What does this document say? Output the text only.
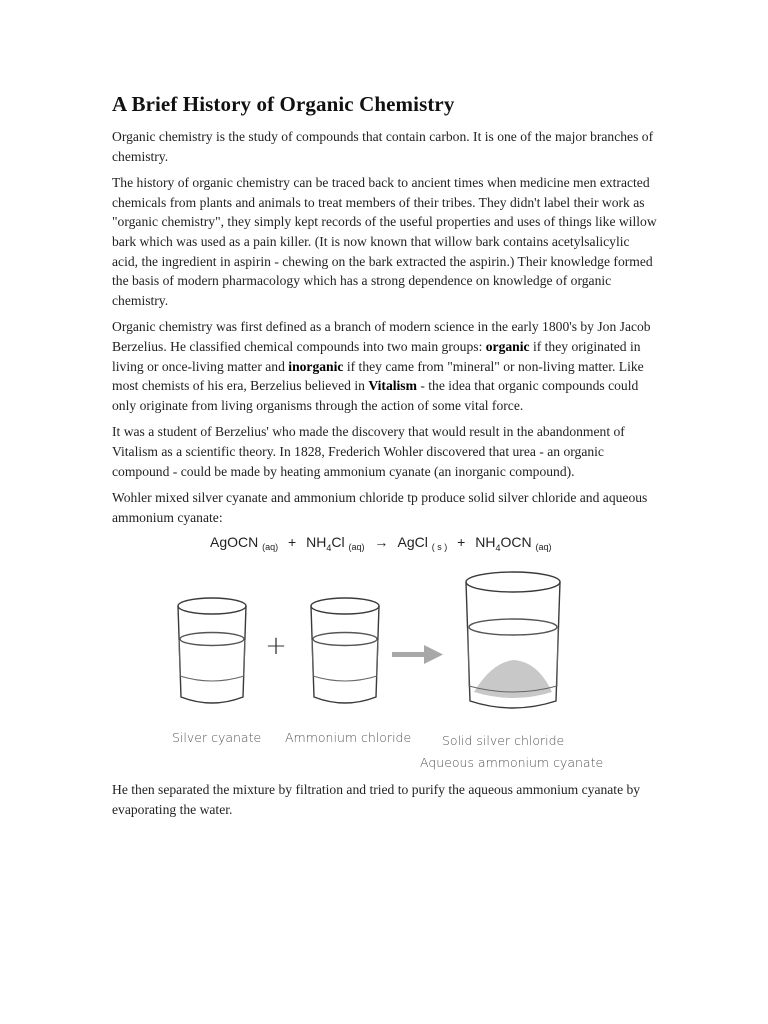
A Brief History of Organic Chemistry

Organic chemistry is the study of compounds that contain carbon. It is one of the major branches of chemistry.

The history of organic chemistry can be traced back to ancient times when medicine men extracted chemicals from plants and animals to treat members of their tribes. They didn't label their work as "organic chemistry", they simply kept records of the useful properties and uses of things like willow bark which was used as a pain killer. (It is now known that willow bark contains acetylsalicylic acid, the ingredient in aspirin - chewing on the bark extracted the aspirin.) Their knowledge formed the basis of modern pharmacology which has a strong dependence on knowledge of organic chemistry.

Organic chemistry was first defined as a branch of modern science in the early 1800's by Jon Jacob Berzelius. He classified chemical compounds into two main groups: organic if they originated in living or once-living matter and inorganic if they came from "mineral" or non-living matter. Like most chemists of his era, Berzelius believed in Vitalism - the idea that organic compounds could only originate from living organisms through the action of some vital force.

It was a student of Berzelius' who made the discovery that would result in the abandonment of Vitalism as a scientific theory. In 1828, Frederich Wohler discovered that urea - an organic compound - could be made by heating ammonium cyanate (an inorganic compound).

Wohler mixed silver cyanate and ammonium chloride tp produce solid silver chloride and aqueous ammonium cyanate:

AgOCN $_{(aq)} + NH_4Cl$ $_{(aq)}$ → AgCl $_{( s )} + NH_4OCN$ $_{(aq)}$
+
Silver cyanate Ammonium chloride Solid silver chloride
Aqueous ammonium cyanate

He then separated the mixture by filtration and tried to purify the aqueous ammonium cyanate by evaporating the water.
